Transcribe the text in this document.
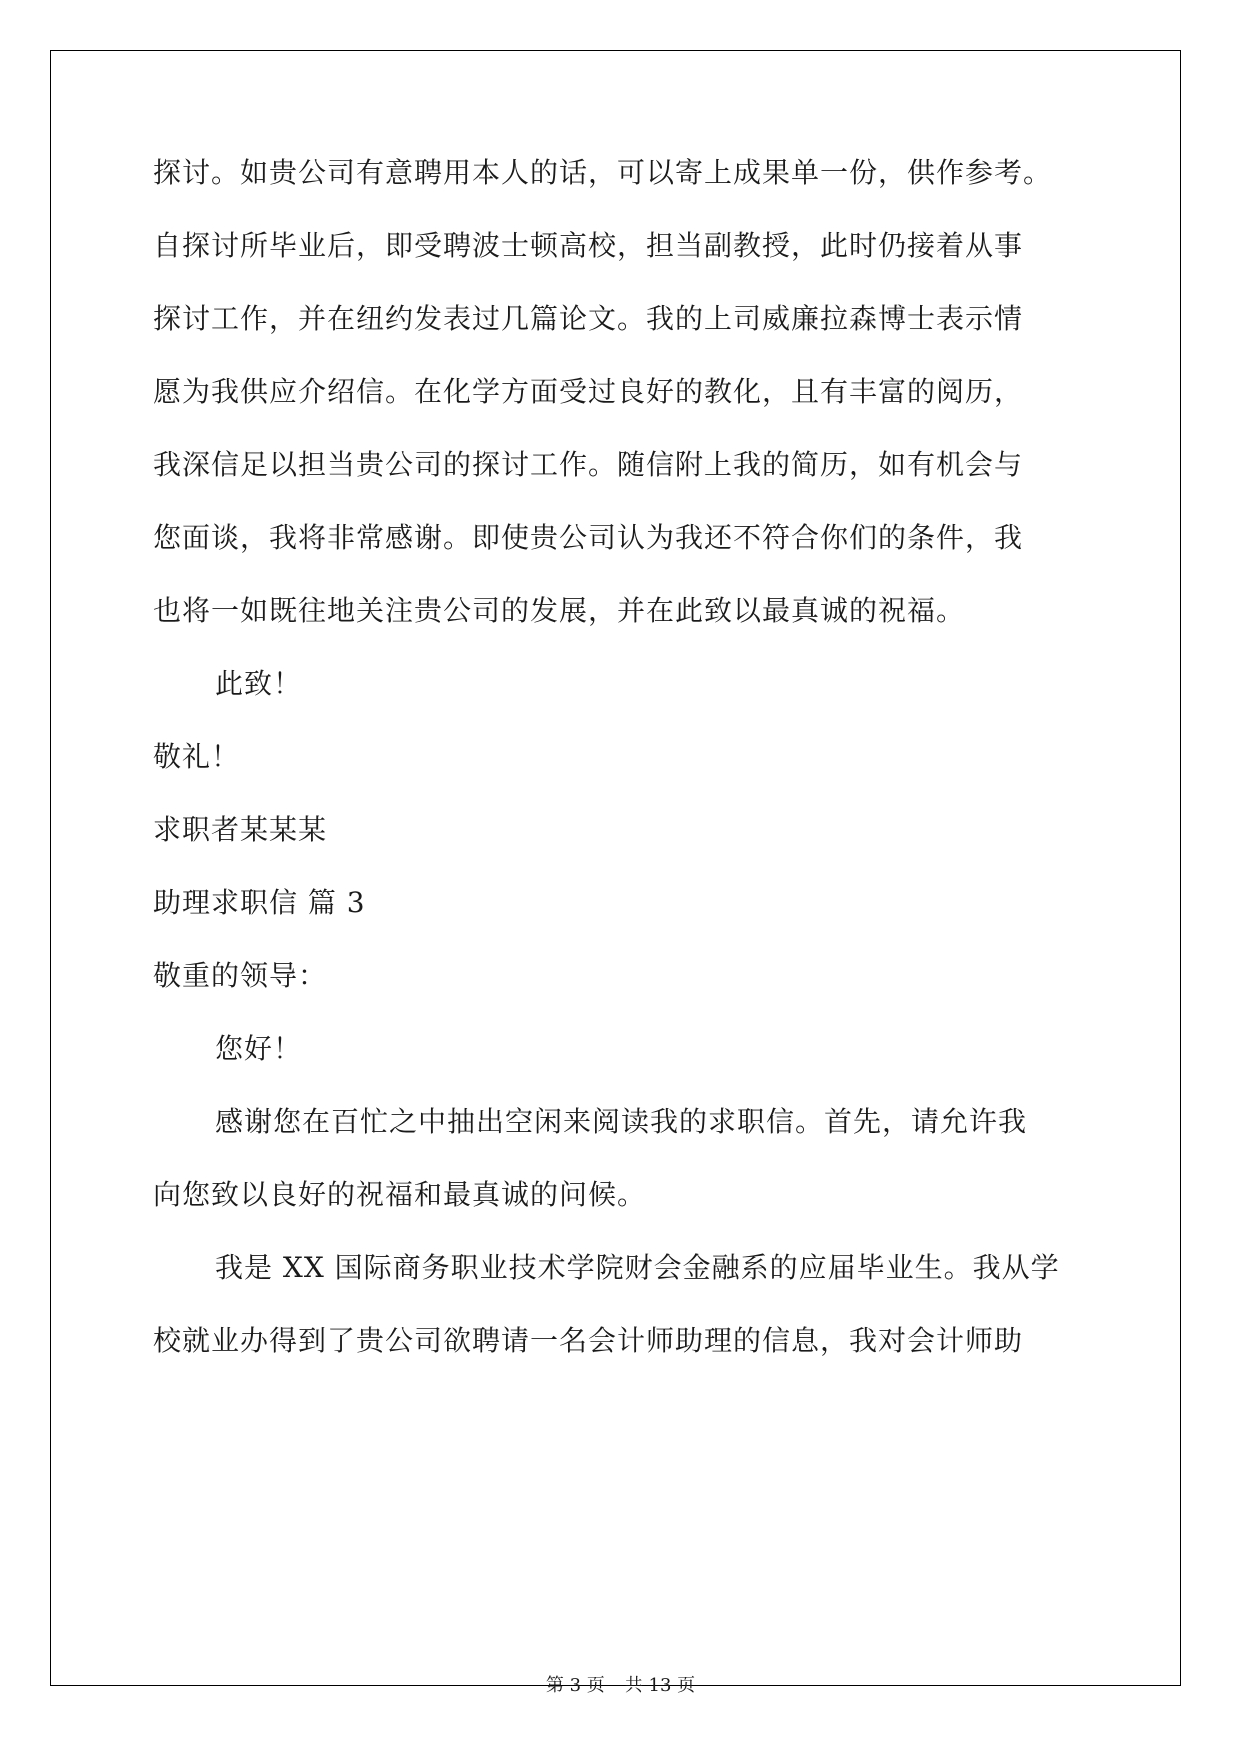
探讨。如贵公司有意聘用本人的话，可以寄上成果单一份，供作参考。
自探讨所毕业后，即受聘波士顿高校，担当副教授，此时仍接着从事
探讨工作，并在纽约发表过几篇论文。我的上司威廉拉森博士表示情
愿为我供应介绍信。在化学方面受过良好的教化，且有丰富的阅历，
我深信足以担当贵公司的探讨工作。随信附上我的简历，如有机会与
您面谈，我将非常感谢。即使贵公司认为我还不符合你们的条件，我
也将一如既往地关注贵公司的发展，并在此致以最真诚的祝福。
此致！
敬礼！
求职者某某某
助理求职信 篇 3
敬重的领导：
您好！
感谢您在百忙之中抽出空闲来阅读我的求职信。首先，请允许我
向您致以良好的祝福和最真诚的问候。
我是 XX 国际商务职业技术学院财会金融系的应届毕业生。我从学
校就业办得到了贵公司欲聘请一名会计师助理的信息，我对会计师助
第 3 页 共 13 页
